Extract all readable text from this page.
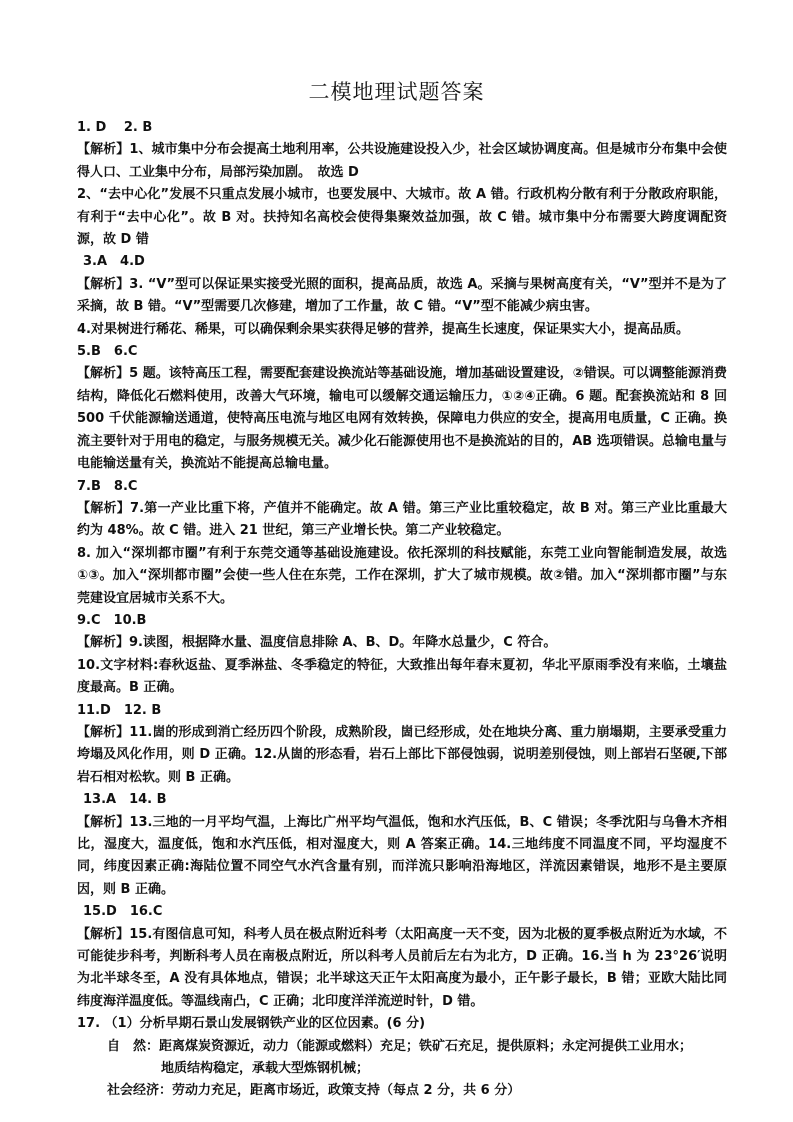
二模地理试题答案

1. D　 2. B

【解析】1、城市集中分布会提高土地利用率，公共设施建设投入少，社会区域协调度高。但是城市分布集中会使得人口、工业集中分布，局部污染加剧。　故选 D

2、“去中心化”发展不只重点发展小城市，也要发展中、大城市。故 A 错。行政机构分散有利于分散政府职能，有利于“去中心化”。故 B 对。扶持知名高校会使得集聚效益加强，故 C 错。城市集中分布需要大跨度调配资源，故 D 错

3.A　4.D

【解析】3. “V”型可以保证果实接受光照的面积，提高品质，故选 A。采摘与果树高度有关，“V”型并不是为了采摘，故 B 错。“V”型需要几次修建，增加了工作量，故 C 错。“V”型不能减少病虫害。

4.对果树进行稀花、稀果，可以确保剩余果实获得足够的营养，提高生长速度，保证果实大小，提高品质。

5.B　6.C

【解析】5 题。该特高压工程，需要配套建设换流站等基础设施，增加基础设置建设，②错误。可以调整能源消费结构，降低化石燃料使用，改善大气环境，输电可以缓解交通运输压力，①②④正确。6 题。配套换流站和 8 回 500 千伏能源输送通道，使特高压电流与地区电网有效转换，保障电力供应的安全，提高用电质量，C 正确。换流主要针对于用电的稳定，与服务规模无关。减少化石能源使用也不是换流站的目的，AB 选项错误。总输电量与电能输送量有关，换流站不能提高总输电量。

7.B　8.C

【解析】7.第一产业比重下将，产值并不能确定。故 A 错。第三产业比重较稳定，故 B 对。第三产业比重最大约为 48%。故 C 错。进入 21 世纪，第三产业增长快。第二产业较稳定。

8. 加入“深圳都市圈”有利于东莞交通等基础设施建设。依托深圳的科技赋能，东莞工业向智能制造发展，故选①③。加入“深圳都市圈”会使一些人住在东莞，工作在深圳，扩大了城市规模。故②错。加入“深圳都市圈”与东莞建设宜居城市关系不大。

9.C　10.B

【解析】9.读图，根据降水量、温度信息排除 A、B、D。年降水总量少，C 符合。

10.文字材料:春秋返盐、夏季淋盐、冬季稳定的特征，大致推出每年春末夏初，华北平原雨季没有来临，土壤盐度最高。B 正确。

11.D　12. B

【解析】11.崮的形成到消亡经历四个阶段，成熟阶段，崮已经形成，处在地块分离、重力崩塌期，主要承受重力垮塌及风化作用，则 D 正确。12.从崮的形态看，岩石上部比下部侵蚀弱，说明差别侵蚀，则上部岩石坚硬,下部岩石相对松软。则 B 正确。

13.A　14. B

【解析】13.三地的一月平均气温，上海比广州平均气温低，饱和水汽压低，B、C 错误；冬季沈阳与乌鲁木齐相比，湿度大，温度低，饱和水汽压低，相对湿度大，则 A 答案正确。14.三地纬度不同温度不同，平均湿度不同，纬度因素正确:海陆位置不同空气水汽含量有别，而洋流只影响沿海地区，洋流因素错误，地形不是主要原因，则 B 正确。

15.D　16.C

【解析】15.有图信息可知，科考人员在极点附近科考（太阳高度一天不变，因为北极的夏季极点附近为水域，不可能徒步科考，判断科考人员在南极点附近，所以科考人员前后左右为北方，D 正确。16.当 h 为 23°26′说明为北半球冬至，A 没有具体地点，错误；北半球这天正午太阳高度为最小，正午影子最长，B 错；亚欧大陆比同纬度海洋温度低。等温线南凸，C 正确；北印度洋洋流逆时针，D 错。

17. （1）分析早期石景山发展钢铁产业的区位因素。(6 分)

自　然：距离煤炭资源近，动力（能源或燃料）充足；铁矿石充足，提供原料；永定河提供工业用水；

地质结构稳定，承载大型炼钢机械；

社会经济：劳动力充足，距离市场近，政策支持（每点 2 分，共 6 分）
